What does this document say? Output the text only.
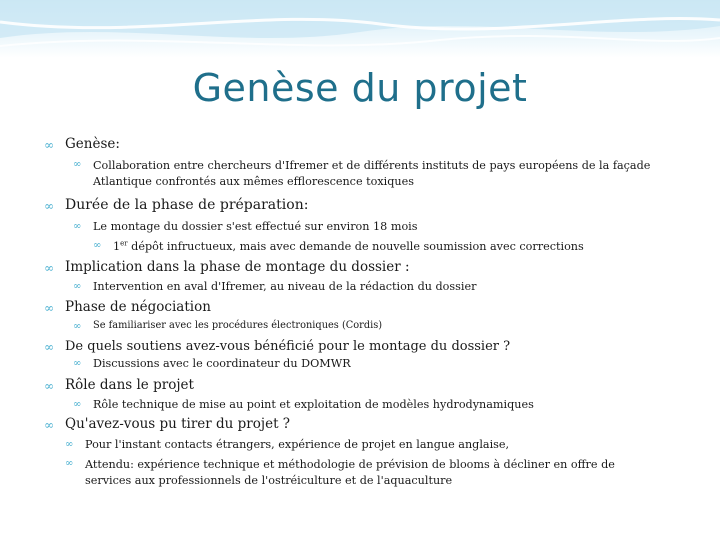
Genèse du projet
∞ Genèse:
∞ Collaboration entre chercheurs d'Ifremer et de différents instituts de pays européens de la façade Atlantique confrontés aux mêmes efflorescence toxiques
∞ Durée de la phase de préparation:
∞ Le montage du dossier s'est effectué sur environ 18 mois
∞ 1er dépôt infructueux, mais avec demande de nouvelle soumission avec corrections
∞ Implication dans la phase de montage du dossier :
∞ Intervention en aval d'Ifremer, au niveau de la rédaction du dossier
∞ Phase de négociation
∞ Se familiariser avec les procédures électroniques (Cordis)
∞ De quels soutiens avez-vous bénéficié pour le montage du dossier ?
∞ Discussions avec le coordinateur du DOMWR
∞ Rôle dans le projet
∞ Rôle technique de mise au point et exploitation de modèles hydrodynamiques
∞ Qu'avez-vous pu tirer du projet ?
∞ Pour l'instant contacts étrangers, expérience de projet en langue anglaise,
∞ Attendu: expérience technique et méthodologie de prévision de blooms à décliner en offre de services aux professionnels de l'ostréiculture et de l'aquaculture
